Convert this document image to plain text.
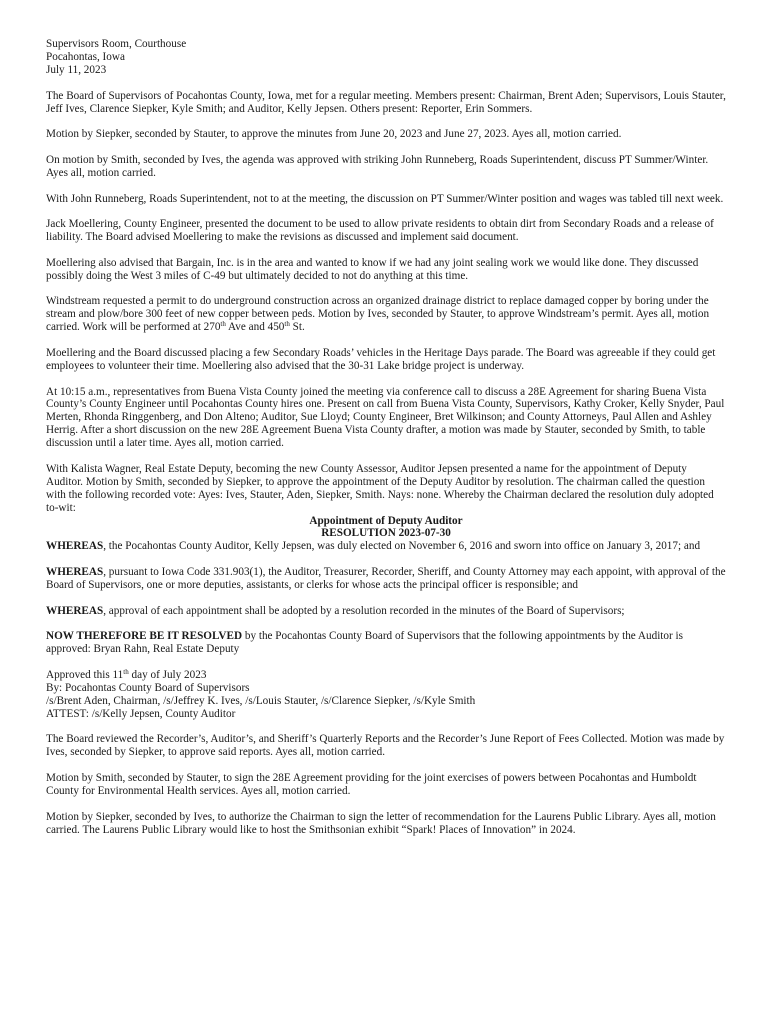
Supervisors Room, Courthouse

Pocahontas, Iowa

July 11, 2023

The Board of Supervisors of Pocahontas County, Iowa, met for a regular meeting. Members present: Chairman, Brent Aden; Supervisors, Louis Stauter, Jeff Ives, Clarence Siepker, Kyle Smith; and Auditor, Kelly Jepsen. Others present: Reporter, Erin Sommers.

Motion by Siepker, seconded by Stauter, to approve the minutes from June 20, 2023 and June 27, 2023. Ayes all, motion carried.

On motion by Smith, seconded by Ives, the agenda was approved with striking John Runneberg, Roads Superintendent, discuss PT Summer/Winter. Ayes all, motion carried.

With John Runneberg, Roads Superintendent, not to at the meeting, the discussion on PT Summer/Winter position and wages was tabled till next week.

Jack Moellering, County Engineer, presented the document to be used to allow private residents to obtain dirt from Secondary Roads and a release of liability. The Board advised Moellering to make the revisions as discussed and implement said document.

Moellering also advised that Bargain, Inc. is in the area and wanted to know if we had any joint sealing work we would like done. They discussed possibly doing the West 3 miles of C-49 but ultimately decided to not do anything at this time.

Windstream requested a permit to do underground construction across an organized drainage district to replace damaged copper by boring under the stream and plow/bore 300 feet of new copper between peds. Motion by Ives, seconded by Stauter, to approve Windstream’s permit. Ayes all, motion carried. Work will be performed at 270th Ave and 450th St.

Moellering and the Board discussed placing a few Secondary Roads’ vehicles in the Heritage Days parade. The Board was agreeable if they could get employees to volunteer their time. Moellering also advised that the 30-31 Lake bridge project is underway.

At 10:15 a.m., representatives from Buena Vista County joined the meeting via conference call to discuss a 28E Agreement for sharing Buena Vista County’s County Engineer until Pocahontas County hires one. Present on call from Buena Vista County, Supervisors, Kathy Croker, Kelly Snyder, Paul Merten, Rhonda Ringgenberg, and Don Alteno; Auditor, Sue Lloyd; County Engineer, Bret Wilkinson; and County Attorneys, Paul Allen and Ashley Herrig. After a short discussion on the new 28E Agreement Buena Vista County drafter, a motion was made by Stauter, seconded by Smith, to table discussion until a later time. Ayes all, motion carried.

With Kalista Wagner, Real Estate Deputy, becoming the new County Assessor, Auditor Jepsen presented a name for the appointment of Deputy Auditor. Motion by Smith, seconded by Siepker, to approve the appointment of the Deputy Auditor by resolution. The chairman called the question with the following recorded vote: Ayes: Ives, Stauter, Aden, Siepker, Smith. Nays: none. Whereby the Chairman declared the resolution duly adopted to-wit:

Appointment of Deputy Auditor

RESOLUTION 2023-07-30

WHEREAS, the Pocahontas County Auditor, Kelly Jepsen, was duly elected on November 6, 2016 and sworn into office on January 3, 2017; and

WHEREAS, pursuant to Iowa Code 331.903(1), the Auditor, Treasurer, Recorder, Sheriff, and County Attorney may each appoint, with approval of the Board of Supervisors, one or more deputies, assistants, or clerks for whose acts the principal officer is responsible; and

WHEREAS, approval of each appointment shall be adopted by a resolution recorded in the minutes of the Board of Supervisors;

NOW THEREFORE BE IT RESOLVED by the Pocahontas County Board of Supervisors that the following appointments by the Auditor is approved: Bryan Rahn, Real Estate Deputy

Approved this 11th day of July 2023

By: Pocahontas County Board of Supervisors

/s/Brent Aden, Chairman, /s/Jeffrey K. Ives, /s/Louis Stauter, /s/Clarence Siepker, /s/Kyle Smith

ATTEST: /s/Kelly Jepsen, County Auditor

The Board reviewed the Recorder’s, Auditor’s, and Sheriff’s Quarterly Reports and the Recorder’s June Report of Fees Collected. Motion was made by Ives, seconded by Siepker, to approve said reports. Ayes all, motion carried.

Motion by Smith, seconded by Stauter, to sign the 28E Agreement providing for the joint exercises of powers between Pocahontas and Humboldt County for Environmental Health services. Ayes all, motion carried.

Motion by Siepker, seconded by Ives, to authorize the Chairman to sign the letter of recommendation for the Laurens Public Library. Ayes all, motion carried. The Laurens Public Library would like to host the Smithsonian exhibit “Spark! Places of Innovation” in 2024.
